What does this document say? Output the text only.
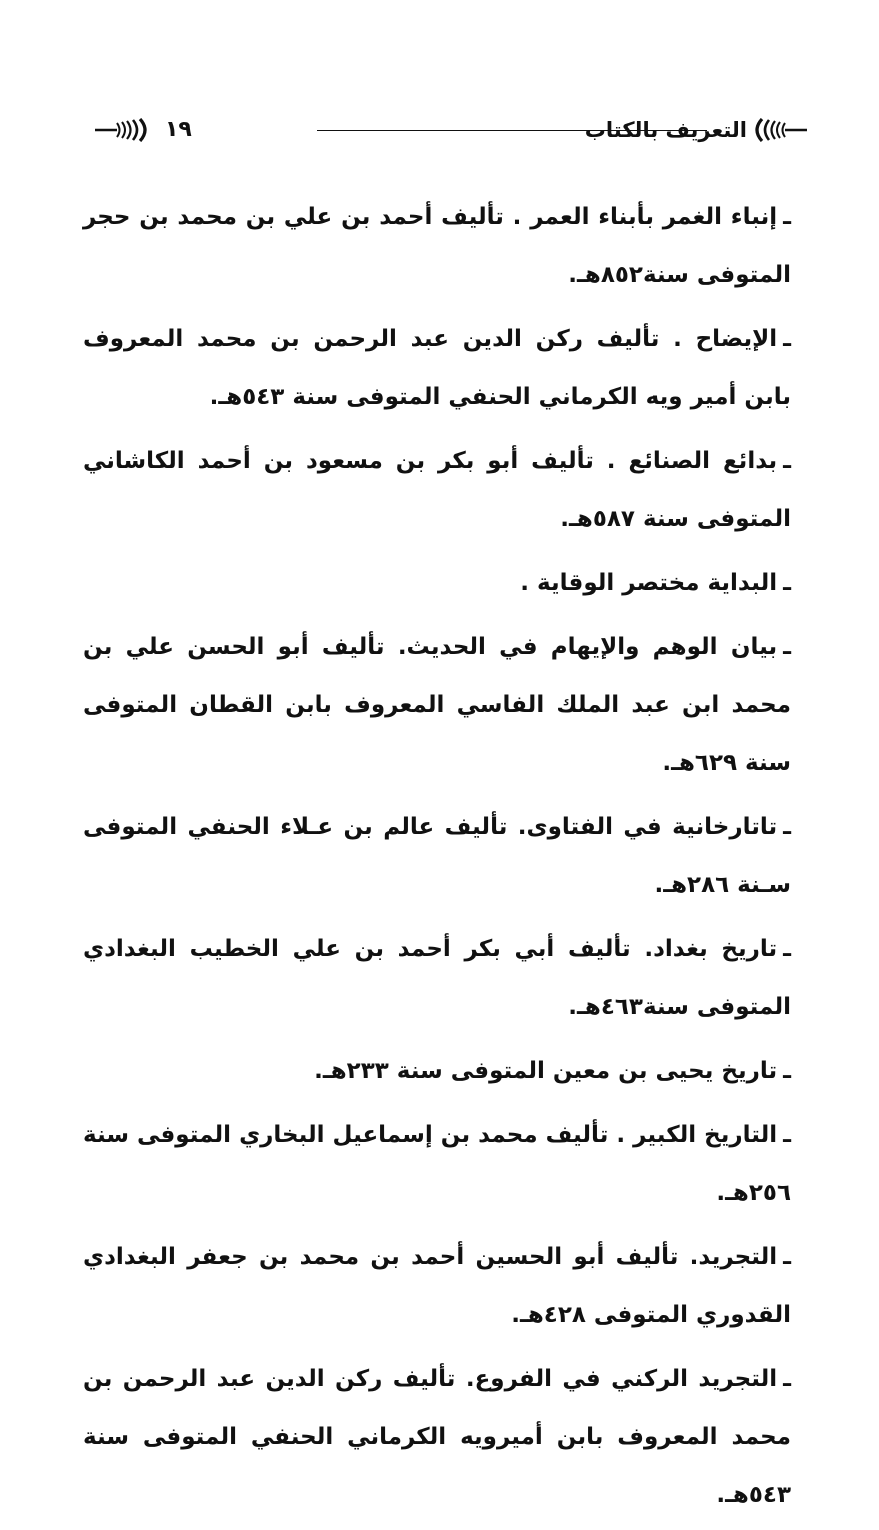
١٩	التعريف بالكتاب

ـإنباء الغمر بأبناء العمر . تأليف أحمد بن علي بن محمد بن حجر المتوفى سنة٨٥٢هـ.

ـالإيضاح . تأليف ركن الدين عبد الرحمن بن محمد المعروف بابن أمير ويه الكرماني الحنفي المتوفى سنة ٥٤٣هـ.

ـبدائع الصنائع . تأليف أبو بكر بن مسعود بن أحمد الكاشاني المتوفى سنة ٥٨٧هـ.

ـالبداية مختصر الوقاية .

ـبيان الوهم والإيهام في الحديث. تأليف أبو الحسن علي بن محمد ابن عبد الملك الفاسي المعروف بابن القطان المتوفى سنة ٦٢٩هـ.

ـتاتارخانية في الفتاوى. تأليف عالم بن عـلاء الحنفي المتوفى سـنة ٢٨٦هـ.

ـتاريخ بغداد. تأليف أبي بكر أحمد بن علي الخطيب البغدادي المتوفى سنة٤٦٣هـ.

ـتاريخ يحيى بن معين المتوفى سنة ٢٣٣هـ.

ـالتاريخ الكبير . تأليف محمد بن إسماعيل البخاري المتوفى سنة ٢٥٦هـ.

ـالتجريد. تأليف أبو الحسين أحمد بن محمد بن جعفر البغدادي القدوري المتوفى ٤٢٨هـ.

ـالتجريد الركني في الفروع. تأليف ركن الدين عبد الرحمن بن محمد المعروف بابن أميرويه الكرماني الحنفي المتوفى سنة ٥٤٣هـ.
